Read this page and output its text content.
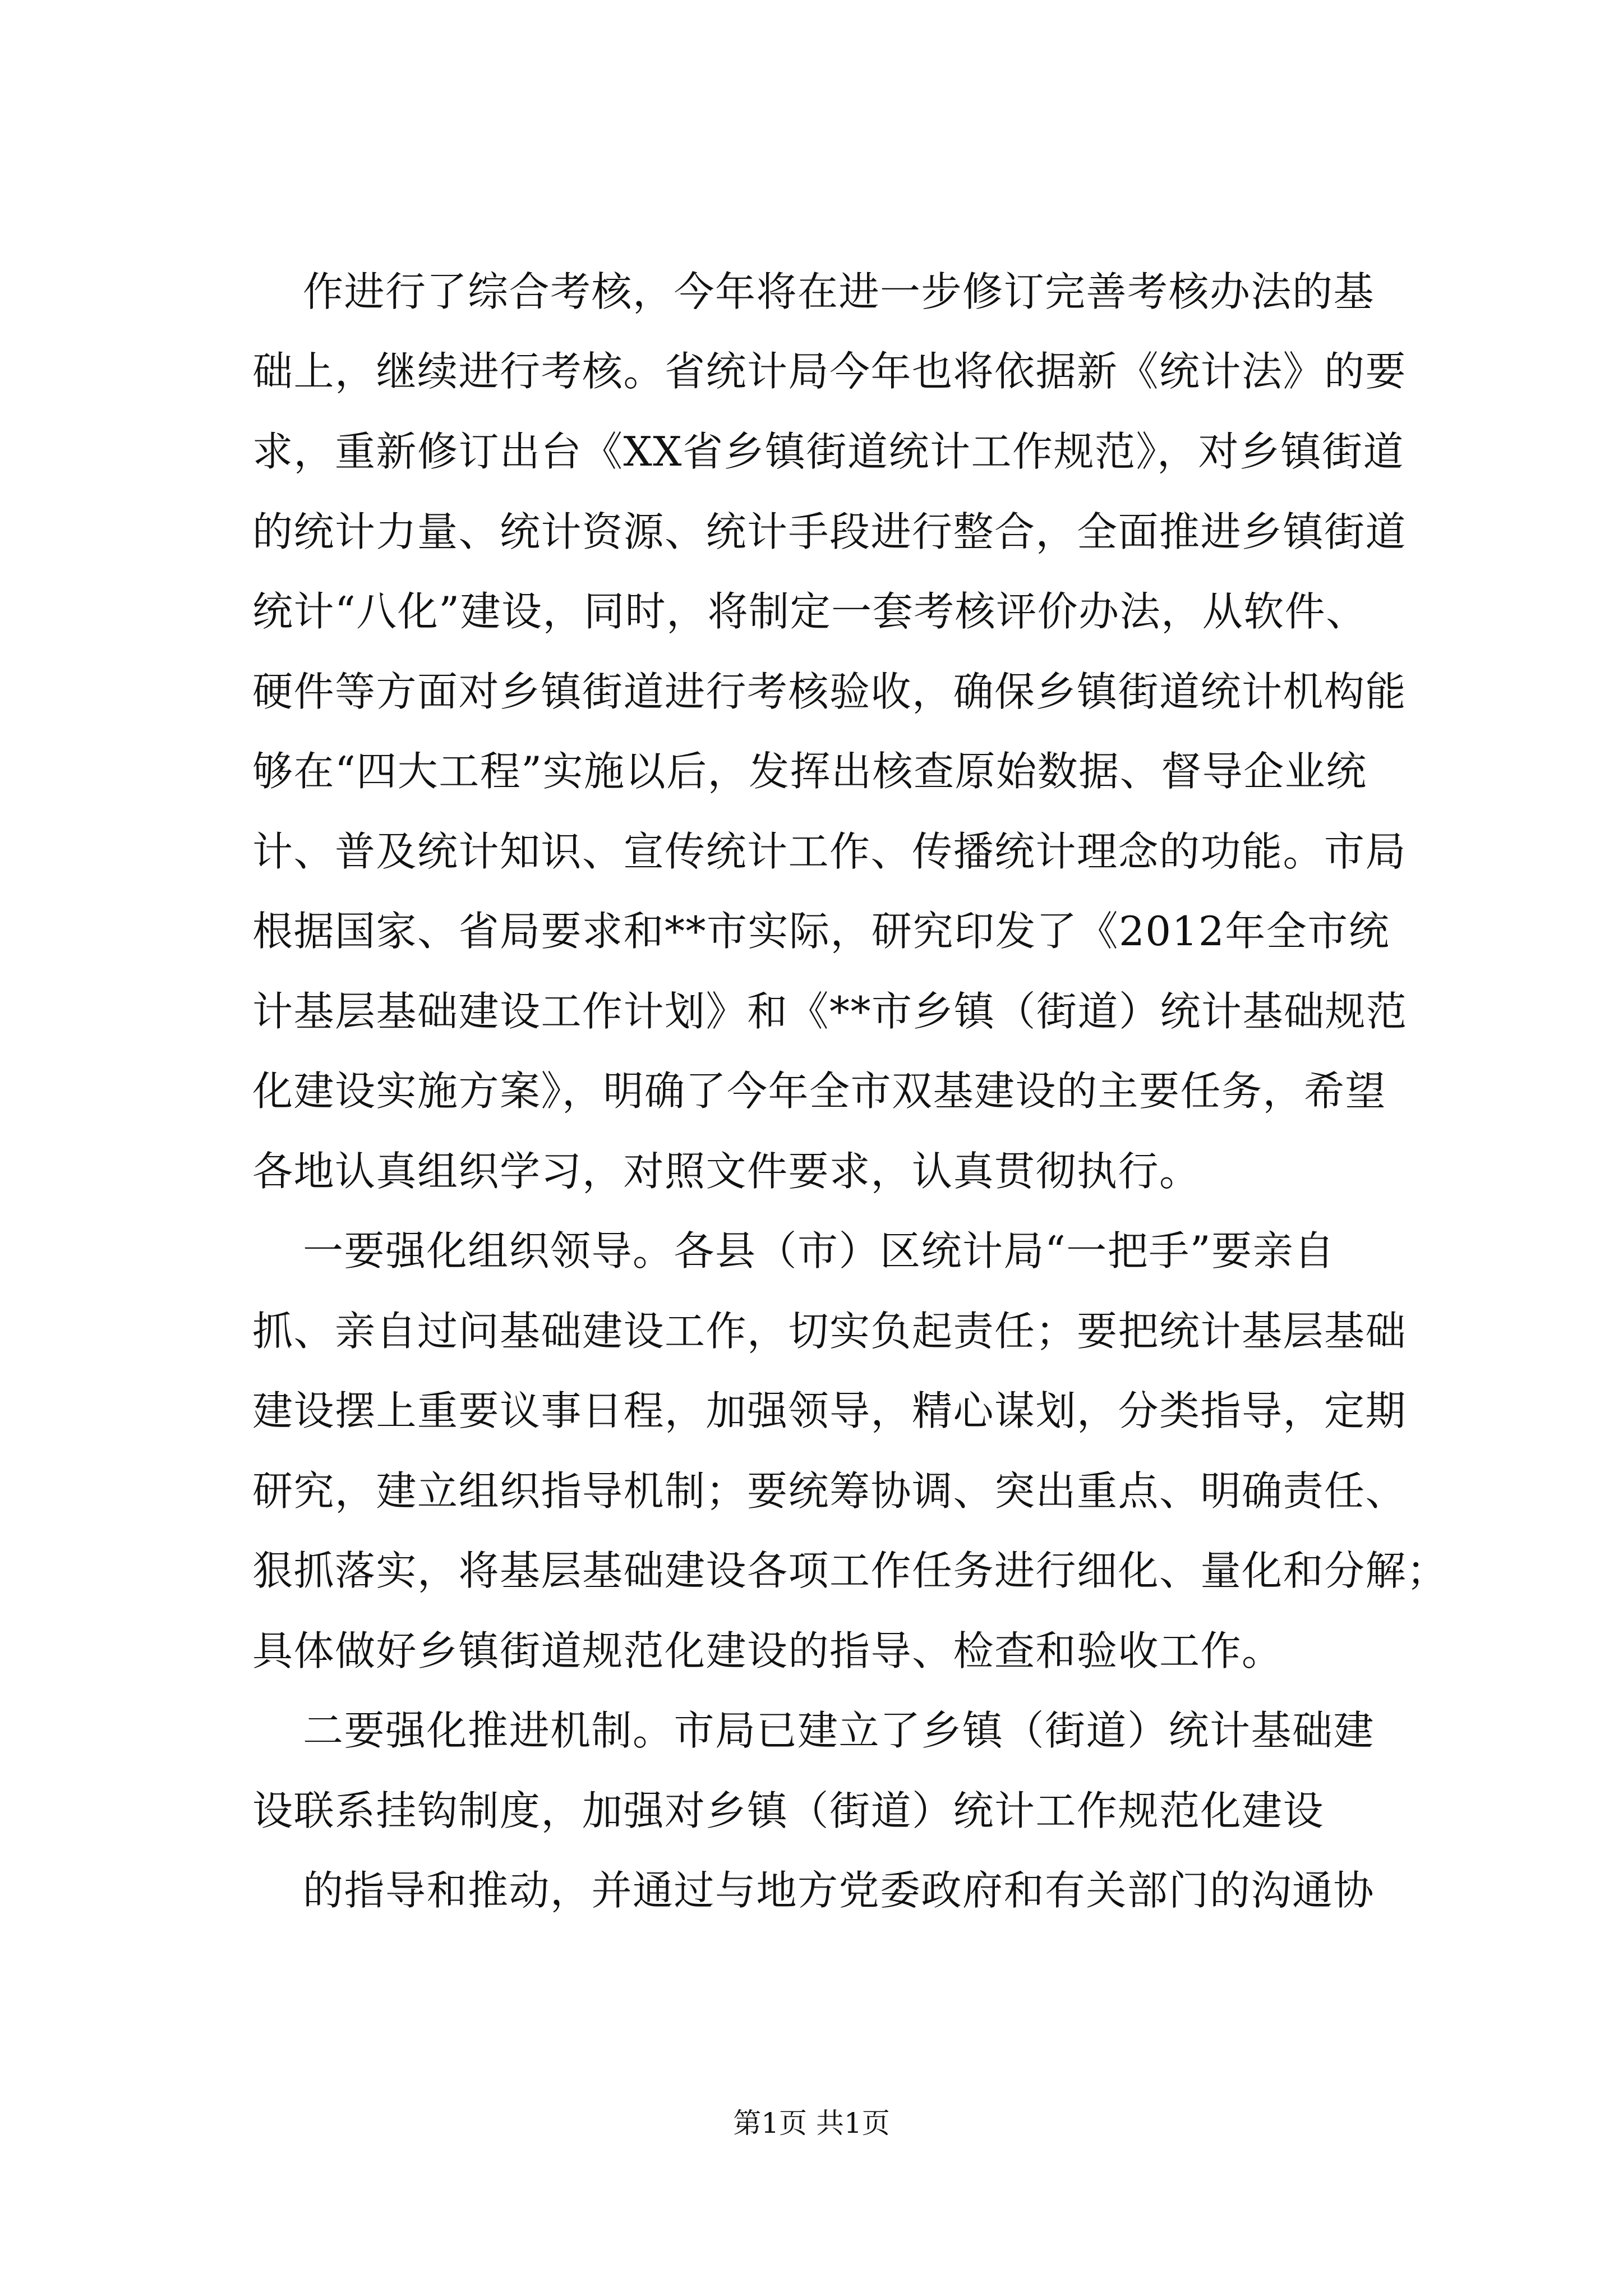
作进行了综合考核，今年将在进一步修订完善考核办法的基

础上，继续进行考核。省统计局今年也将依据新《统计法》的要

求，重新修订出台《XX省乡镇街道统计工作规范》，对乡镇街道

的统计力量、统计资源、统计手段进行整合，全面推进乡镇街道

统计“八化”建设，同时，将制定一套考核评价办法，从软件、

硬件等方面对乡镇街道进行考核验收，确保乡镇街道统计机构能

够在“四大工程”实施以后，发挥出核查原始数据、督导企业统

计、普及统计知识、宣传统计工作、传播统计理念的功能。市局

根据国家、省局要求和**市实际，研究印发了《2012年全市统

计基层基础建设工作计划》和《**市乡镇（街道）统计基础规范

化建设实施方案》，明确了今年全市双基建设的主要任务，希望

各地认真组织学习，对照文件要求，认真贯彻执行。

一要强化组织领导。各县（市）区统计局“一把手”要亲自

抓、亲自过问基础建设工作，切实负起责任；要把统计基层基础

建设摆上重要议事日程，加强领导，精心谋划，分类指导，定期

研究，建立组织指导机制；要统筹协调、突出重点、明确责任、

狠抓落实，将基层基础建设各项工作任务进行细化、量化和分解；

具体做好乡镇街道规范化建设的指导、检查和验收工作。

二要强化推进机制。市局已建立了乡镇（街道）统计基础建

设联系挂钩制度，加强对乡镇（街道）统计工作规范化建设

的指导和推动，并通过与地方党委政府和有关部门的沟通协

第1页 共1页
